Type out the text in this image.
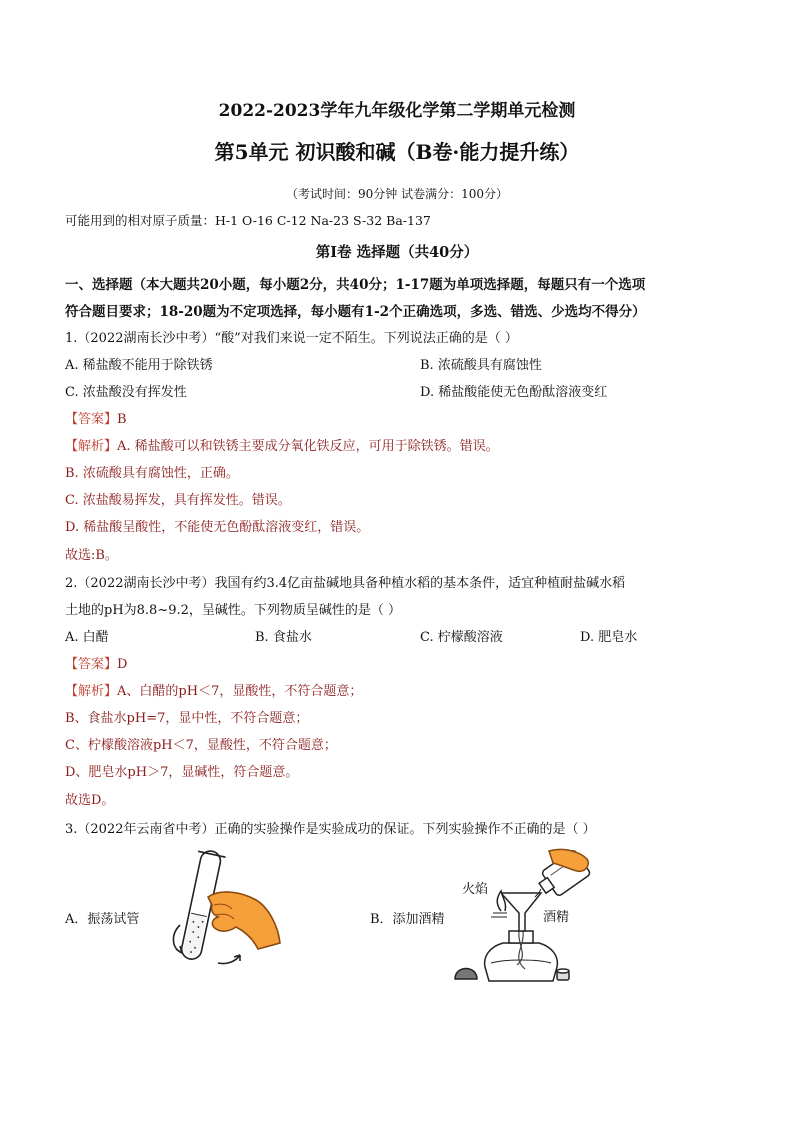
2022-2023学年九年级化学第二学期单元检测
第5单元 初识酸和碱（B卷·能力提升练）
（考试时间：90分钟 试卷满分：100分）
可能用到的相对原子质量：H-1 O-16 C-12 Na-23 S-32 Ba-137
第Ⅰ卷 选择题（共40分）
一、选择题（本大题共20小题，每小题2分，共40分；1-17题为单项选择题，每题只有一个选项
符合题目要求；18-20题为不定项选择，每小题有1-2个正确选项，多选、错选、少选均不得分）
1.（2022湖南长沙中考）“酸”对我们来说一定不陌生。下列说法正确的是（ ）
A. 稀盐酸不能用于除铁锈	B. 浓硫酸具有腐蚀性
C. 浓盐酸没有挥发性	D. 稀盐酸能使无色酚酞溶液变红
【答案】B
【解析】A. 稀盐酸可以和铁锈主要成分氧化铁反应，可用于除铁锈。错误。
B. 浓硫酸具有腐蚀性，正确。
C. 浓盐酸易挥发，具有挥发性。错误。
D. 稀盐酸呈酸性，不能使无色酚酞溶液变红，错误。
故选:B。
2.（2022湖南长沙中考）我国有约3.4亿亩盐碱地具备种植水稻的基本条件，适宜种植耐盐碱水稻
土地的pH为8.8~9.2，呈碱性。下列物质呈碱性的是（ ）
A. 白醋	B. 食盐水	C. 柠檬酸溶液	D. 肥皂水
【答案】D
【解析】A、白醋的pH＜7，显酸性，不符合题意；
B、食盐水pH=7，显中性，不符合题意；
C、柠檬酸溶液pH＜7，显酸性，不符合题意；
D、肥皂水pH＞7，显碱性，符合题意。
故选D。
3.（2022年云南省中考）正确的实验操作是实验成功的保证。下列实验操作不正确的是（ ）
A．振荡试管	B．添加酒精
火焰
酒精
